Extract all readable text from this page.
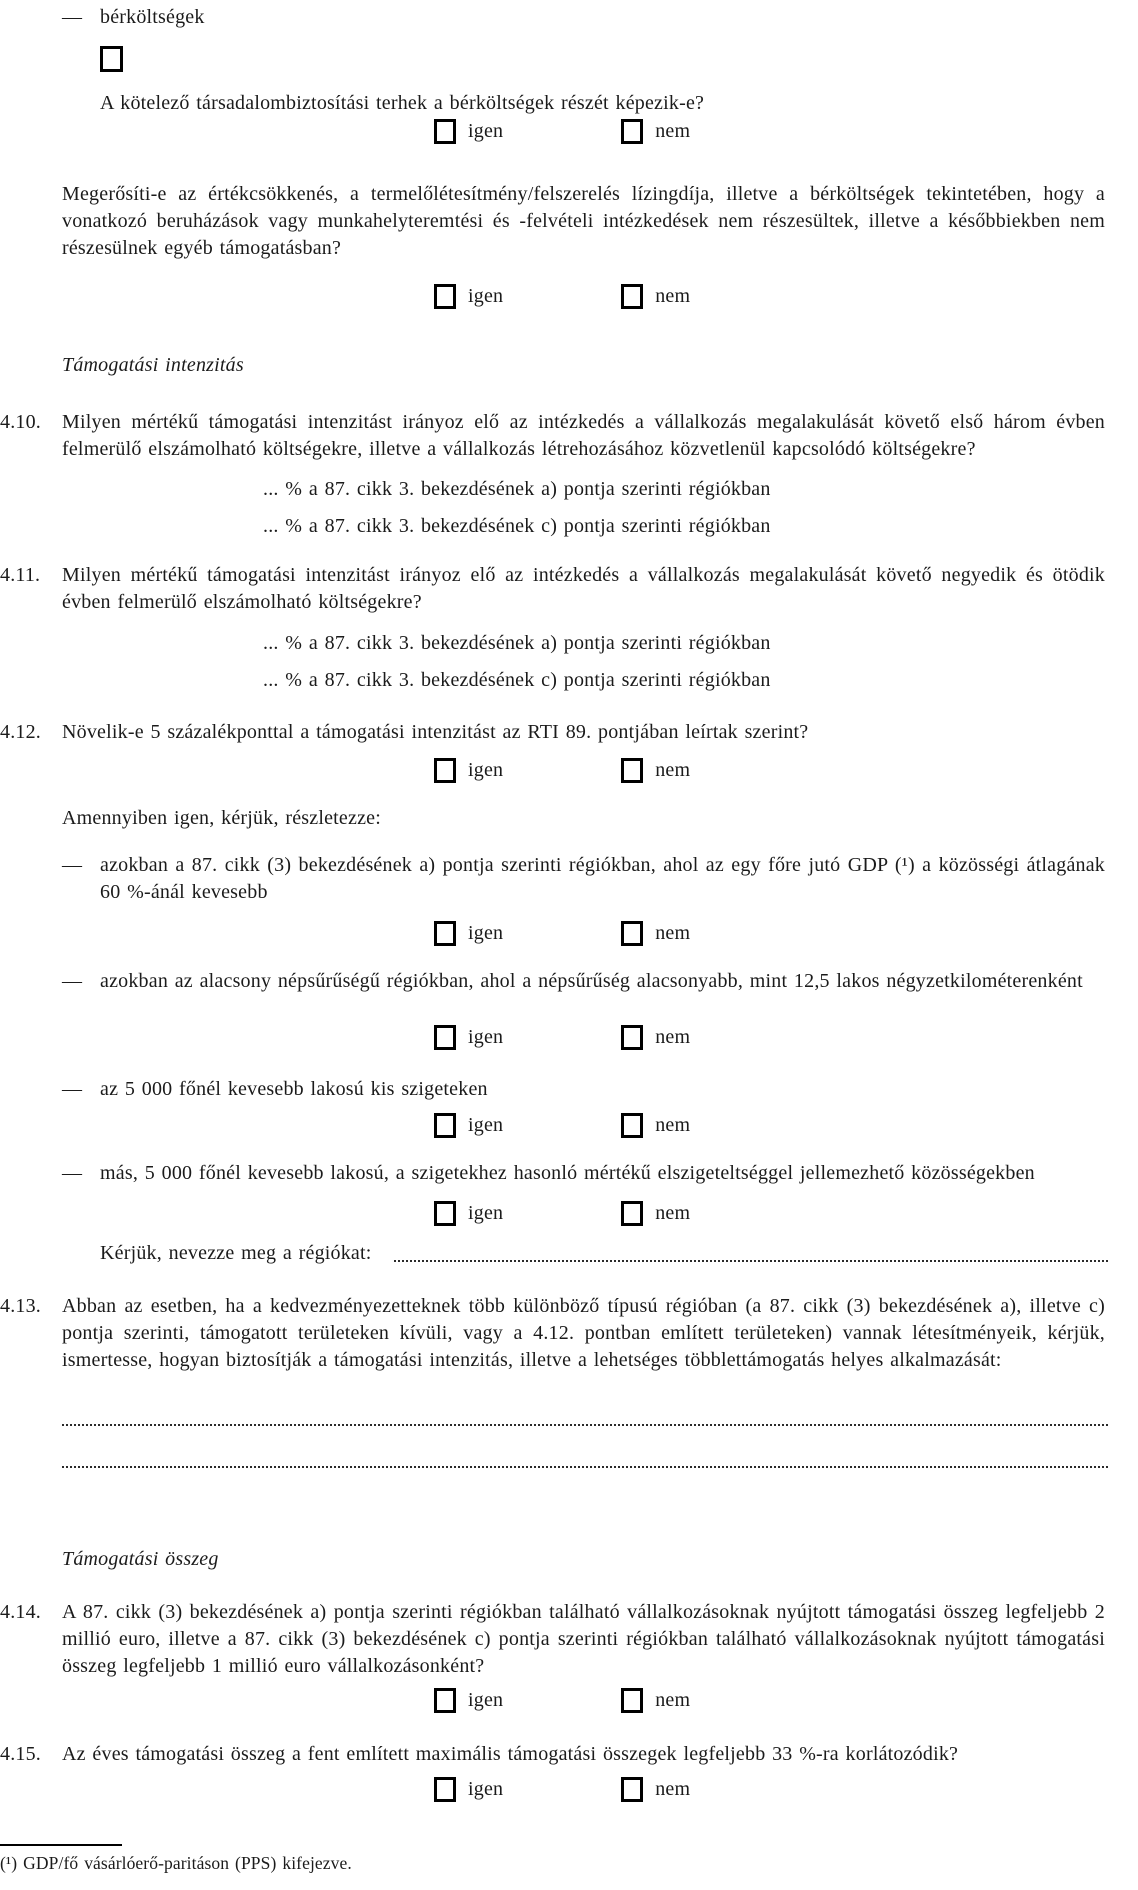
— bérköltségek
A kötelező társadalombiztosítási terhek a bérköltségek részét képezik-e?
igen	nem
Megerősíti-e az értékcsökkenés, a termelőlétesítmény/felszerelés lízingdíja, illetve a bérköltségek tekintetében, hogy a vonatkozó beruházások vagy munkahelyteremtési és -felvételi intézkedések nem részesültek, illetve a későbbiekben nem részesülnek egyéb támogatásban?
igen	nem
Támogatási intenzitás
4.10. Milyen mértékű támogatási intenzitást irányoz elő az intézkedés a vállalkozás megalakulását követő első három évben felmerülő elszámolható költségekre, illetve a vállalkozás létrehozásához közvetlenül kapcsolódó költségekre?
... % a 87. cikk 3. bekezdésének a) pontja szerinti régiókban
... % a 87. cikk 3. bekezdésének c) pontja szerinti régiókban
4.11. Milyen mértékű támogatási intenzitást irányoz elő az intézkedés a vállalkozás megalakulását követő negyedik és ötödik évben felmerülő elszámolható költségekre?
... % a 87. cikk 3. bekezdésének a) pontja szerinti régiókban
... % a 87. cikk 3. bekezdésének c) pontja szerinti régiókban
4.12. Növelik-e 5 százalékponttal a támogatási intenzitást az RTI 89. pontjában leírtak szerint?
igen	nem
Amennyiben igen, kérjük, részletezze:
— azokban a 87. cikk (3) bekezdésének a) pontja szerinti régiókban, ahol az egy főre jutó GDP (¹) a közösségi átlagának 60 %-ánál kevesebb
igen	nem
— azokban az alacsony népsűrűségű régiókban, ahol a népsűrűség alacsonyabb, mint 12,5 lakos négyzetkilométerenként
igen	nem
— az 5 000 főnél kevesebb lakosú kis szigeteken
igen	nem
— más, 5 000 főnél kevesebb lakosú, a szigetekhez hasonló mértékű elszigeteltséggel jellemezhető közösségekben
igen	nem
Kérjük, nevezze meg a régiókat:
4.13. Abban az esetben, ha a kedvezményezetteknek több különböző típusú régióban (a 87. cikk (3) bekezdésének a), illetve c) pontja szerinti, támogatott területeken kívüli, vagy a 4.12. pontban említett területeken) vannak létesítményeik, kérjük, ismertesse, hogyan biztosítják a támogatási intenzitás, illetve a lehetséges többlettámogatás helyes alkalmazását:
Támogatási összeg
4.14. A 87. cikk (3) bekezdésének a) pontja szerinti régiókban található vállalkozásoknak nyújtott támogatási összeg legfeljebb 2 millió euro, illetve a 87. cikk (3) bekezdésének c) pontja szerinti régiókban található vállalkozásoknak nyújtott támogatási összeg legfeljebb 1 millió euro vállalkozásonként?
igen	nem
4.15. Az éves támogatási összeg a fent említett maximális támogatási összegek legfeljebb 33 %-ra korlátozódik?
igen	nem
(¹) GDP/fő vásárlóerő-paritáson (PPS) kifejezve.
